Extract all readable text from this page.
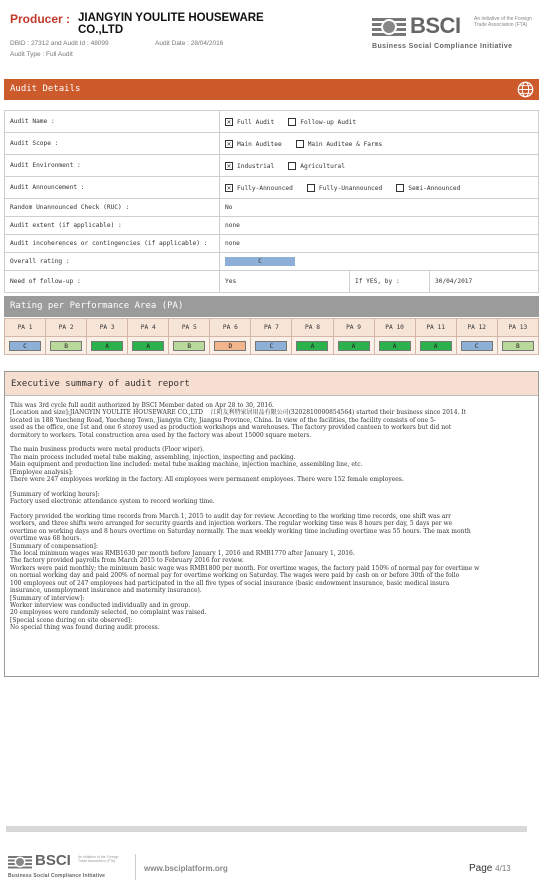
Producer : JIANGYIN YOULITE HOUSEWARE CO.,LTD
DBID : 27312 and Audit Id : 48099	Audit Date : 28/04/2016
Audit Type : Full Audit
BSCI	An initiative of the Foreign Trade Association (FTA)
Business Social Compliance Initiative
Audit Details
Audit Name :	✕ Full Audit Follow-up Audit		
Audit Scope :	✕ Main Auditee Main Auditee & Farms		
Audit Environment :	✕ Industrial Agricultural		
Audit Announcement :	✕ Fully-Announced Fully-Unannounced Semi-Announced		
Random Unannounced Check (RUC) :	No		
Audit extent (if applicable) :	none		
Audit incoherences or contingencies (if applicable) :	none		
Overall rating :	C		
Need of follow-up :	Yes	If YES, by :	30/04/2017
Rating per Performance Area (PA)
PA 1	PA 2	PA 3	PA 4	PA 5	PA 6	PA 7	PA 8	PA 9	PA 10	PA 11	PA 12	PA 13
C	B	A	A	B	D	C	A	A	A	A	C	B
Executive summary of audit report
This was 3rd cycle full audit authorized by BSCI Member dated on Apr 28 to 30, 2016.
[Location and size]:JIANGYIN YOULITE HOUSEWARE CO.,LTD    江阴友利特家居用品有限公司(3202810000854564) started their business since 2014. It
located in 188 Yuecheng Road, Yuecheng Town, Jiangyin City, Jiangsu Province, China. In view of the facilities, the facility consists of one 5-
used as the office, one 1st and one 6 storey used as production workshops and warehouses. The factory provided canteen to workers but did not
dormitory to workers. Total construction area used by the factory was about 15000 square meters.
The main business products were metal products (Floor wiper).
The main process included metal tube making, assembling, injection, inspecting and packing.
Main equipment and production line included: metal tube making machine, injection machine, assembling line, etc.
[Employee analysis]:
There were 247 employees working in the factory. All employees were permanent employees. There were 152 female employees.
[Summary of working hours]:
Factory used electronic attendance system to record working time.
Factory provided the working time records from March 1, 2015 to audit day for review. According to the working time records, one shift was arr
workers, and three shifts were arranged for security guards and injection workers. The regular working time was 8 hours per day, 5 days per we
overtime on working days and 8 hours overtime on Saturday normally. The max weekly working time including overtime was 55 hours. The max month
overtime was 68 hours.
[Summary of compensation]:
The local minimum wages was RMB1630 per month before January 1, 2016 and RMB1770 after January 1, 2016.
The factory provided payrolls from March 2015 to February 2016 for review.
Workers were paid monthly; the minimum basic wage was RMB1800 per month. For overtime wages, the factory paid 150% of normal pay for overtime w
on normal working day and paid 200% of normal pay for overtime working on Saturday. The wages were paid by cash on or before 30th of the follo
100 employees out of 247 employees had participated in the all five types of social insurance (basic endowment insurance, basic medical insura
insurance, unemployment insurance and maternity insurance).
[Summary of interview]:
Worker interview was conducted individually and in group.
20 employees were randomly selected, no complaint was raised.
[Special scene during on site observed]:
No special thing was found during audit process.
BSCI An initiative of the Foreign Trade Association (FTA)
Business Social Compliance Initiative
www.bsciplatform.org	Page 4/13
